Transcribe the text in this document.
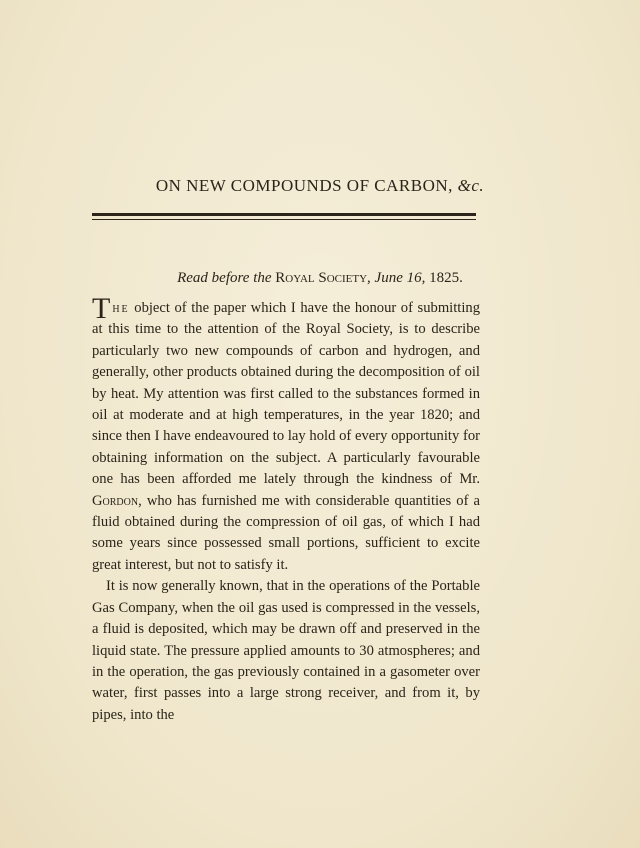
ON NEW COMPOUNDS OF CARBON, &c.
Read before the Royal Society, June 16, 1825.

The object of the paper which I have the honour of submitting at this time to the attention of the Royal Society, is to describe particularly two new compounds of carbon and hydrogen, and generally, other products obtained during the decomposition of oil by heat. My attention was first called to the substances formed in oil at moderate and at high temperatures, in the year 1820; and since then I have endeavoured to lay hold of every opportunity for obtaining information on the subject. A particularly favourable one has been afforded me lately through the kindness of Mr. Gordon, who has furnished me with considerable quantities of a fluid obtained during the compression of oil gas, of which I had some years since possessed small portions, sufficient to excite great interest, but not to satisfy it.

It is now generally known, that in the operations of the Portable Gas Company, when the oil gas used is compressed in the vessels, a fluid is deposited, which may be drawn off and preserved in the liquid state. The pressure applied amounts to 30 atmospheres; and in the operation, the gas previously contained in a gasometer over water, first passes into a large strong receiver, and from it, by pipes, into the
